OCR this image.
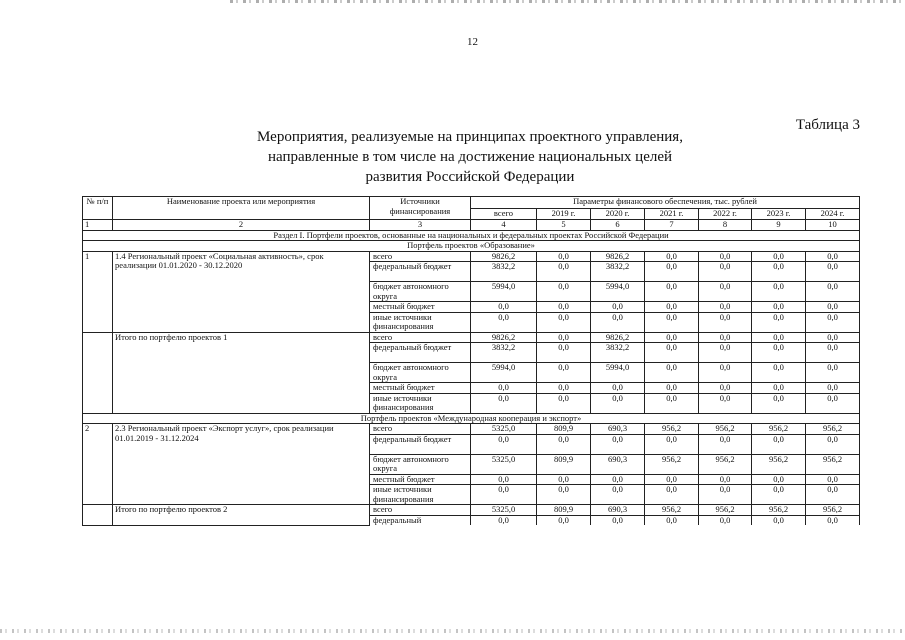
12
Таблица 3
Мероприятия, реализуемые на принципах проектного управления,
направленные в том числе на достижение национальных целей
развития Российской Федерации
№ п/п	Наименование проекта или мероприятия	Источники финансирования	Параметры финансового обеспечения, тыс. рублей						
			всего	2019 г.	2020 г.	2021 г.	2022 г.	2023 г.	2024 г.
1	2	3	4	5	6	7	8	9	10
Раздел I. Портфели проектов, основанные на национальных и федеральных проектах Российской Федерации									
Портфель проектов «Образование»									
1	1.4 Региональный проект «Социальная активность», срок реализации 01.01.2020 - 30.12.2020	всего	9826,2	0,0	9826,2	0,0	0,0	0,0	0,0
		федеральный бюджет	3832,2	0,0	3832,2	0,0	0,0	0,0	0,0
		бюджет автономного округа	5994,0	0,0	5994,0	0,0	0,0	0,0	0,0
		местный бюджет	0,0	0,0	0,0	0,0	0,0	0,0	0,0
		иные источники финансирования	0,0	0,0	0,0	0,0	0,0	0,0	0,0
	Итого по портфелю проектов 1	всего	9826,2	0,0	9826,2	0,0	0,0	0,0	0,0
		федеральный бюджет	3832,2	0,0	3832,2	0,0	0,0	0,0	0,0
		бюджет автономного округа	5994,0	0,0	5994,0	0,0	0,0	0,0	0,0
		местный бюджет	0,0	0,0	0,0	0,0	0,0	0,0	0,0
		иные источники финансирования	0,0	0,0	0,0	0,0	0,0	0,0	0,0
Портфель проектов «Международная кооперация и экспорт»									
2	2.3 Региональный проект «Экспорт услуг», срок реализации 01.01.2019 - 31.12.2024	всего	5325,0	809,9	690,3	956,2	956,2	956,2	956,2
		федеральный бюджет	0,0	0,0	0,0	0,0	0,0	0,0	0,0
		бюджет автономного округа	5325,0	809,9	690,3	956,2	956,2	956,2	956,2
		местный бюджет	0,0	0,0	0,0	0,0	0,0	0,0	0,0
		иные источники финансирования	0,0	0,0	0,0	0,0	0,0	0,0	0,0
	Итого по портфелю проектов 2	всего	5325,0	809,9	690,3	956,2	956,2	956,2	956,2
		федеральный	0,0	0,0	0,0	0,0	0,0	0,0	0,0
